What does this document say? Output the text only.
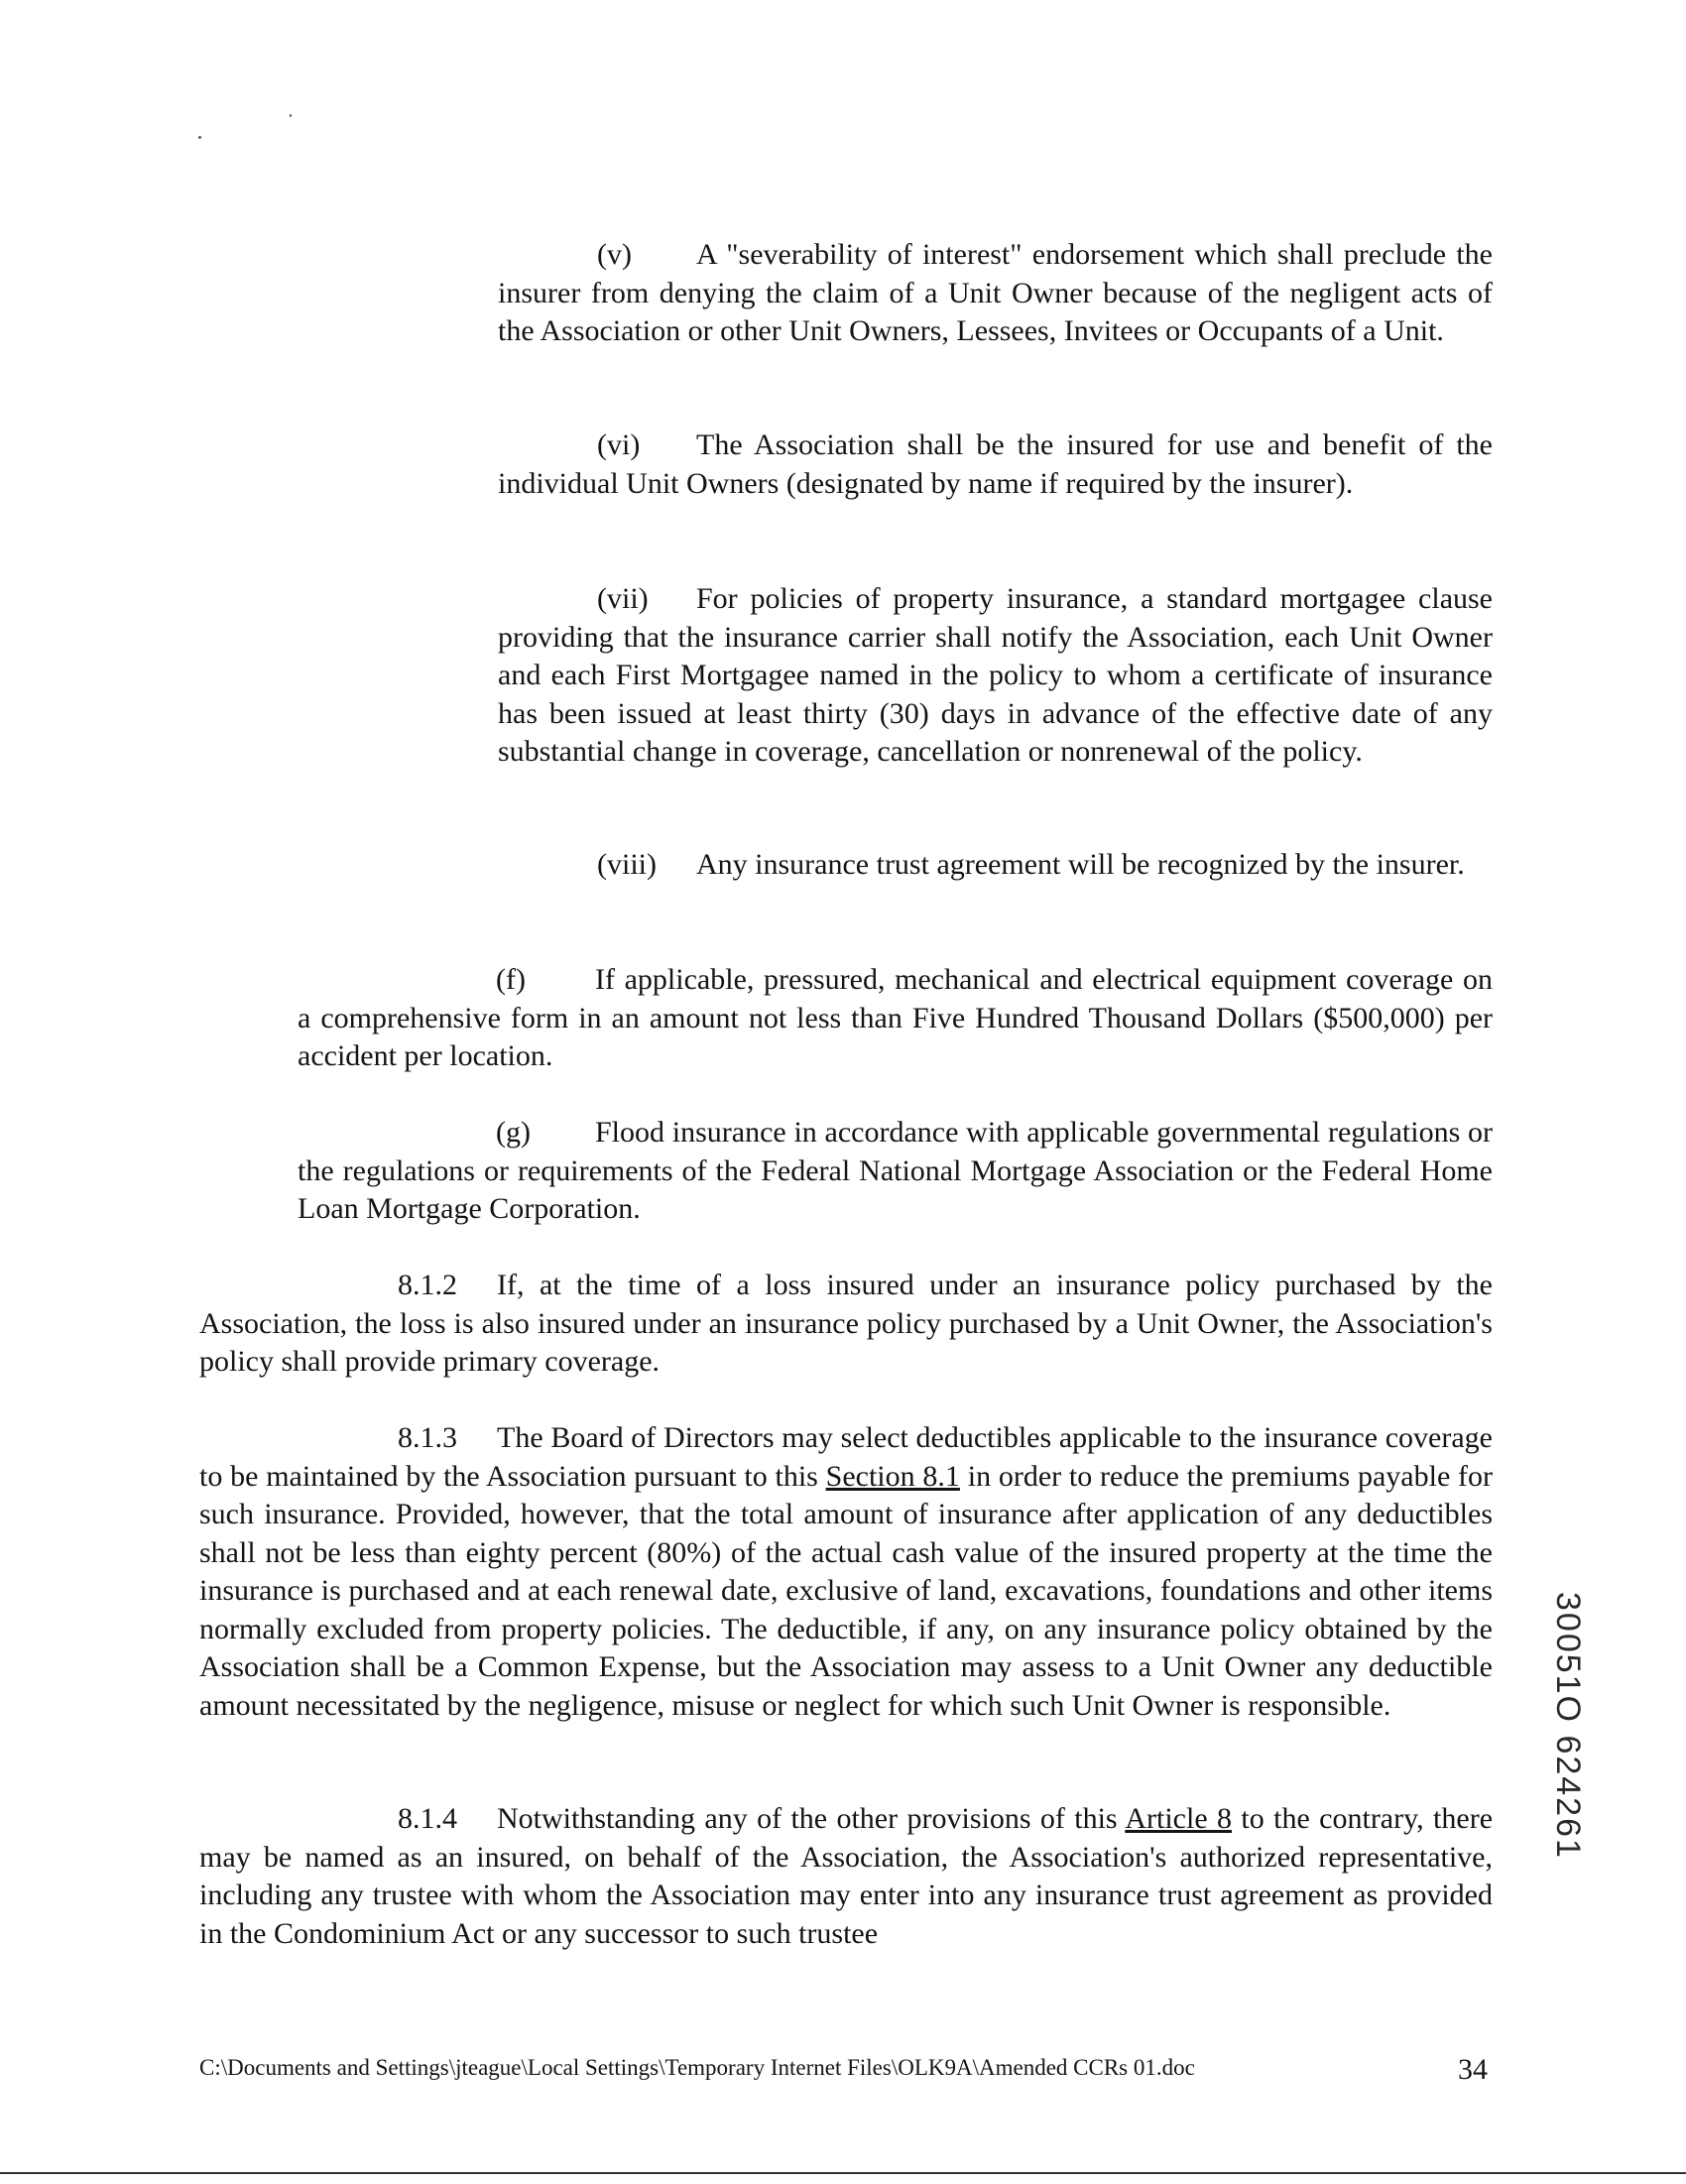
(v) A "severability of interest" endorsement which shall preclude the insurer from denying the claim of a Unit Owner because of the negligent acts of the Association or other Unit Owners, Lessees, Invitees or Occupants of a Unit.

(vi) The Association shall be the insured for use and benefit of the individual Unit Owners (designated by name if required by the insurer).

(vii) For policies of property insurance, a standard mortgagee clause providing that the insurance carrier shall notify the Association, each Unit Owner and each First Mortgagee named in the policy to whom a certificate of insurance has been issued at least thirty (30) days in advance of the effective date of any substantial change in coverage, cancellation or nonrenewal of the policy.

(viii) Any insurance trust agreement will be recognized by the insurer.

(f) If applicable, pressured, mechanical and electrical equipment coverage on a comprehensive form in an amount not less than Five Hundred Thousand Dollars ($500,000) per accident per location.

(g) Flood insurance in accordance with applicable governmental regulations or the regulations or requirements of the Federal National Mortgage Association or the Federal Home Loan Mortgage Corporation.

8.1.2 If, at the time of a loss insured under an insurance policy purchased by the Association, the loss is also insured under an insurance policy purchased by a Unit Owner, the Association's policy shall provide primary coverage.

8.1.3 The Board of Directors may select deductibles applicable to the insurance coverage to be maintained by the Association pursuant to this Section 8.1 in order to reduce the premiums payable for such insurance. Provided, however, that the total amount of insurance after application of any deductibles shall not be less than eighty percent (80%) of the actual cash value of the insured property at the time the insurance is purchased and at each renewal date, exclusive of land, excavations, foundations and other items normally excluded from property policies. The deductible, if any, on any insurance policy obtained by the Association shall be a Common Expense, but the Association may assess to a Unit Owner any deductible amount necessitated by the negligence, misuse or neglect for which such Unit Owner is responsible.

8.1.4 Notwithstanding any of the other provisions of this Article 8 to the contrary, there may be named as an insured, on behalf of the Association, the Association's authorized representative, including any trustee with whom the Association may enter into any insurance trust agreement as provided in the Condominium Act or any successor to such trustee

30051O 624261
C:\Documents and Settings\jteague\Local Settings\Temporary Internet Files\OLK9A\Amended CCRs 01.doc	34
